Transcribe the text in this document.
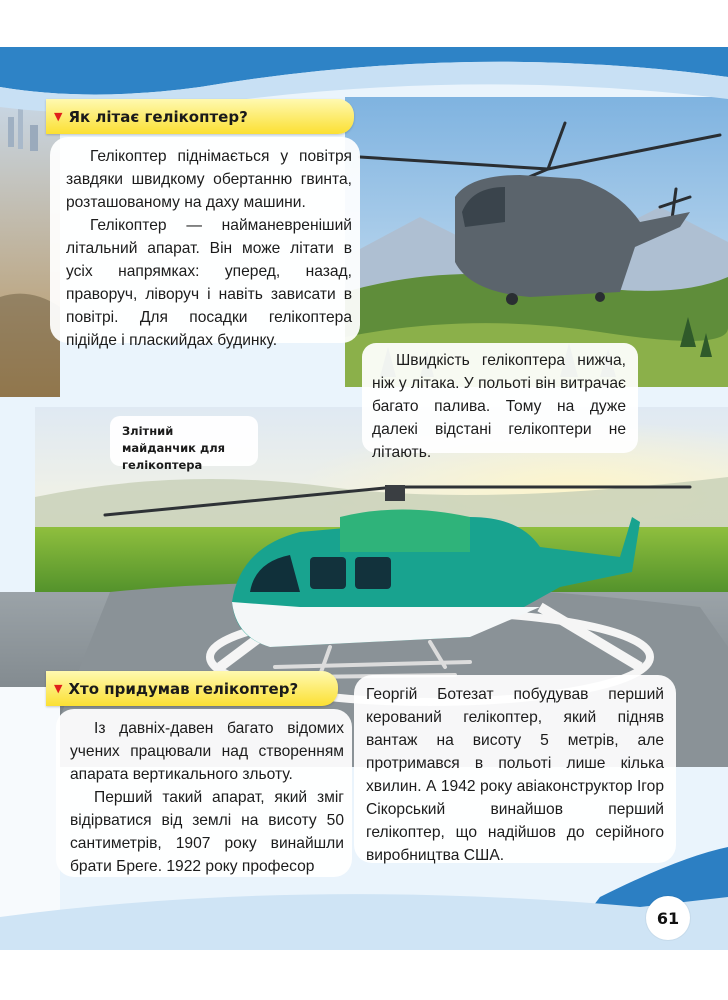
▼ Як літає гелікоптер?

Гелікоптер піднімається у повітря завдяки швидкому обертанню гвинта, розташованому на даху машини.

Гелікоптер — наймaневреніший літальний апарат. Він може літати в усіх напрямках: уперед, назад, праворуч, ліворуч і навіть зависати в повітрі. Для посадки гелікоптера підійде і пласкийдах будинку.

Швидкість гелікоптера нижча, ніж у літака. У польоті він витрачає багато палива. Тому на дуже далекі відстані гелікоптери не літають.

Злітний майданчик для гелікоптера
▼ Хто придумав гелікоптер?

Із давніх-давен багато відомих учених працювали над створенням апарата вертикального зльоту.

Перший такий апарат, який зміг відірватися від землі на висоту 50 сантиметрів, 1907 року винайшли брати Бреге. 1922 року професор

Георгій Ботезат побудував перший керований гелікоптер, який підняв вантаж на висоту 5 метрів, але протримався в польоті лише кілька хвилин. А 1942 року авіаконструктор Ігор Сікорський винайшов перший гелікоптер, що надійшов до серійного виробництва США.

61
